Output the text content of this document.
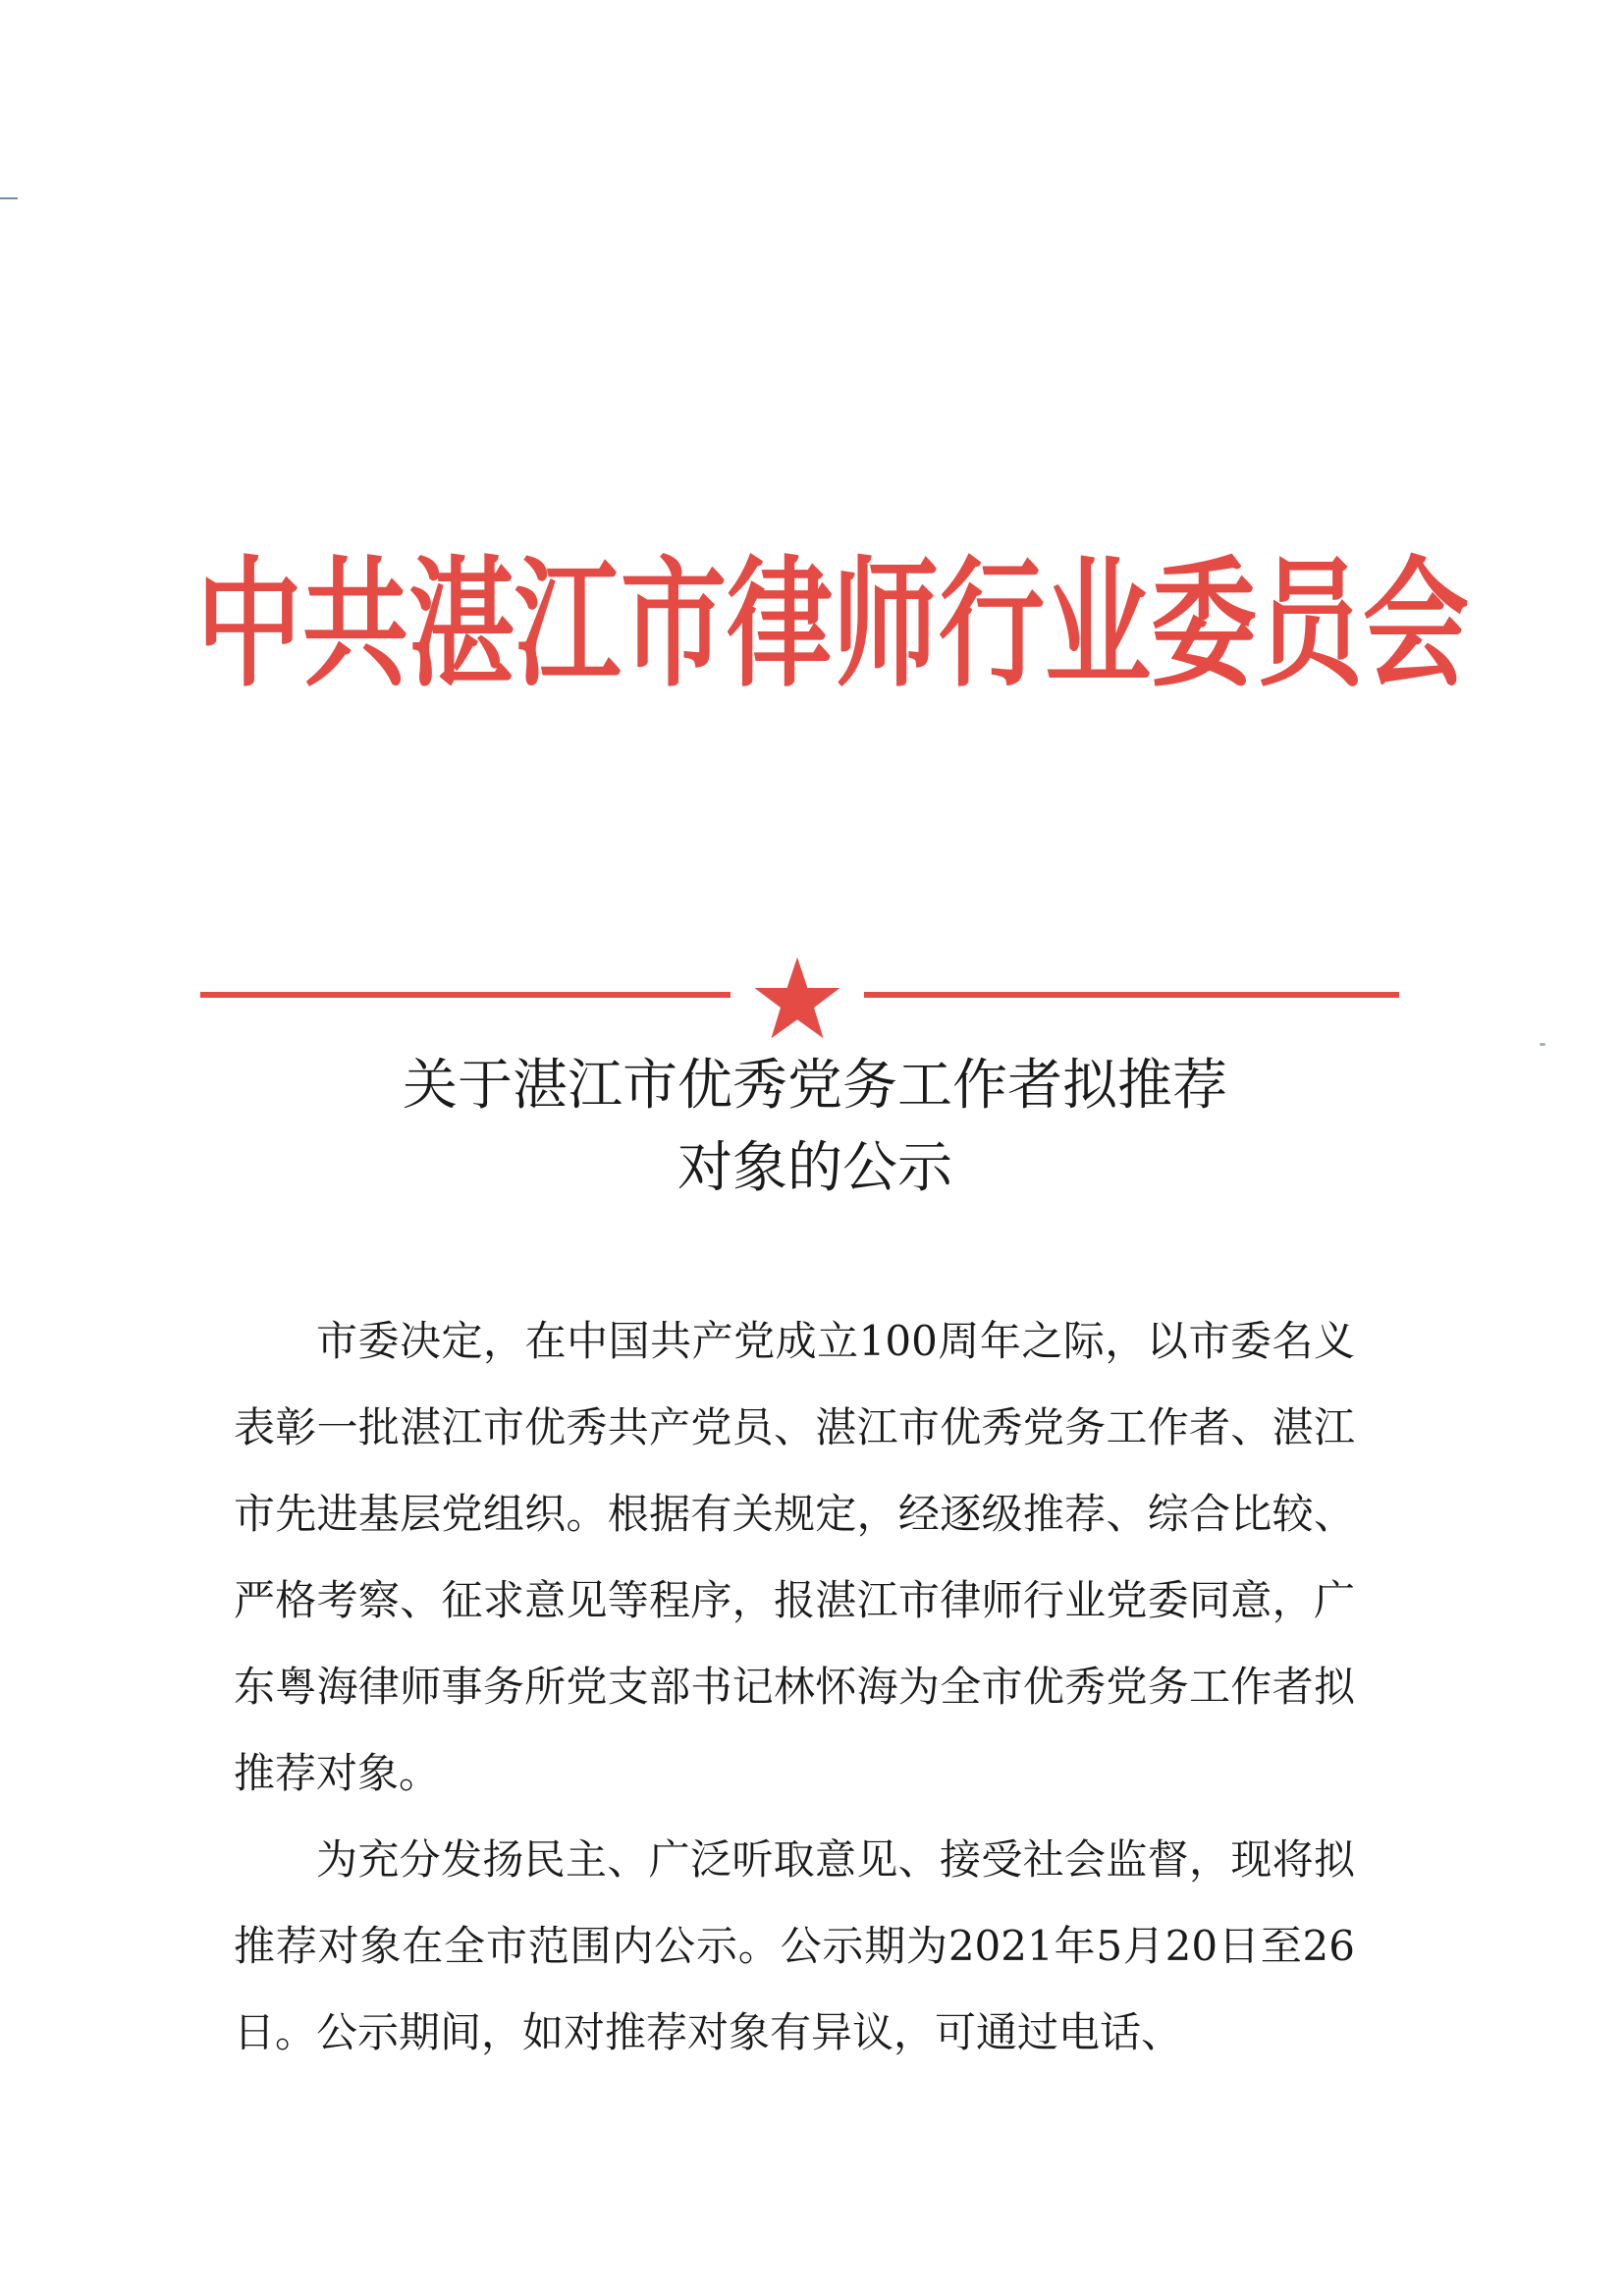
中共湛江市律师行业委员会
关于湛江市优秀党务工作者拟推荐
对象的公示

市委决定，在中国共产党成立100周年之际，以市委名义表彰一批湛江市优秀共产党员、湛江市优秀党务工作者、湛江市先进基层党组织。根据有关规定，经逐级推荐、综合比较、严格考察、征求意见等程序，报湛江市律师行业党委同意，广东粤海律师事务所党支部书记林怀海为全市优秀党务工作者拟推荐对象。

为充分发扬民主、广泛听取意见、接受社会监督，现将拟推荐对象在全市范围内公示。公示期为2021年5月20日至26日。公示期间，如对推荐对象有异议，可通过电话、
